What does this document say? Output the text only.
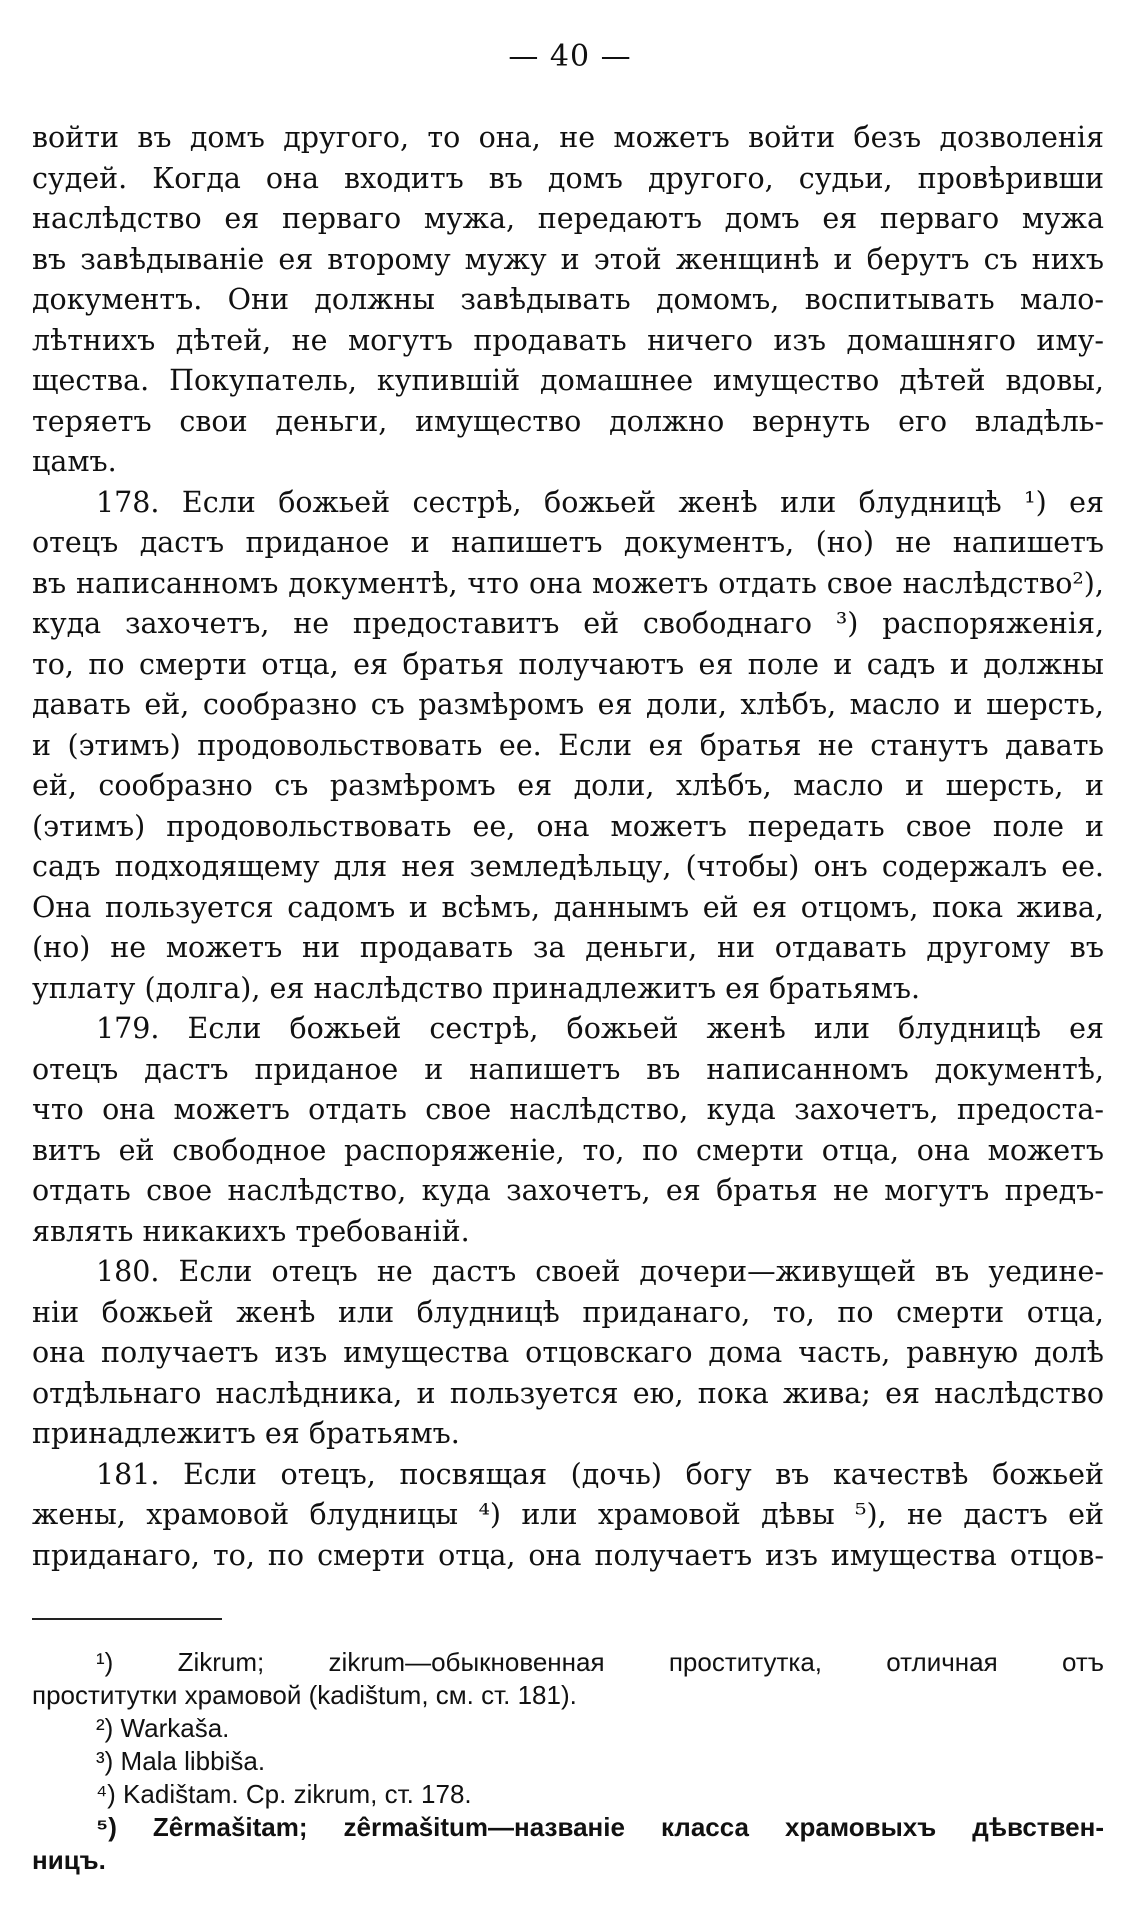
— 40 —
войти въ домъ другого, то она, не можетъ войти безъ дозволенія
судей. Когда она входитъ въ домъ другого, судьи, провѣривши
наслѣдство ея перваго мужа, передаютъ домъ ея перваго мужа
въ завѣдываніе ея второму мужу и этой женщинѣ и берутъ съ нихъ
документъ. Они должны завѣдывать домомъ, воспитывать мало-
лѣтнихъ дѣтей, не могутъ продавать ничего изъ домашняго иму-
щества. Покупатель, купившій домашнее имущество дѣтей вдовы,
теряетъ свои деньги, имущество должно вернуть его владѣль-
цамъ.
178. Если божьей сестрѣ, божьей женѣ или блудницѣ ¹) ея
отецъ дастъ приданое и напишетъ документъ, (но) не напишетъ
въ написанномъ документѣ, что она можетъ отдать свое наслѣдство²),
куда захочетъ, не предоставитъ ей свободнаго ³) распоряженія,
то, по смерти отца, ея братья получаютъ ея поле и садъ и должны
давать ей, сообразно съ размѣромъ ея доли, хлѣбъ, масло и шерсть,
и (этимъ) продовольствовать ее. Если ея братья не станутъ давать
ей, сообразно съ размѣромъ ея доли, хлѣбъ, масло и шерсть, и
(этимъ) продовольствовать ее, она можетъ передать свое поле и
садъ подходящему для нея земледѣльцу, (чтобы) онъ содержалъ ее.
Она пользуется садомъ и всѣмъ, даннымъ ей ея отцомъ, пока жива,
(но) не можетъ ни продавать за деньги, ни отдавать другому въ
уплату (долга), ея наслѣдство принадлежитъ ея братьямъ.
179. Если божьей сестрѣ, божьей женѣ или блудницѣ ея
отецъ дастъ приданое и напишетъ въ написанномъ документѣ,
что она можетъ отдать свое наслѣдство, куда захочетъ, предоста-
витъ ей свободное распоряженіе, то, по смерти отца, она можетъ
отдать свое наслѣдство, куда захочетъ, ея братья не могутъ предъ-
являть никакихъ требованій.
180. Если отецъ не дастъ своей дочери—живущей въ уедине-
ніи божьей женѣ или блудницѣ приданаго, то, по смерти отца,
она получаетъ изъ имущества отцовскаго дома часть, равную долѣ
отдѣльнаго наслѣдника, и пользуется ею, пока жива; ея наслѣдство
принадлежитъ ея братьямъ.
181. Если отецъ, посвящая (дочь) богу въ качествѣ божьей
жены, храмовой блудницы ⁴) или храмовой дѣвы ⁵), не дастъ ей
приданаго, то, по смерти отца, она получаетъ изъ имущества отцов-
¹) Zikrum; zikrum—обыкновенная проститутка, отличная отъ
проститутки храмовой (kadištum, см. ст. 181).
²) Warkaša.
³) Mala libbiša.
⁴) Kadištam. Cp. zikrum, ст. 178.
⁵) Zêrmašitam; zêrmašitum—названіе класса храмовыхъ дѣвствен-
ницъ.
